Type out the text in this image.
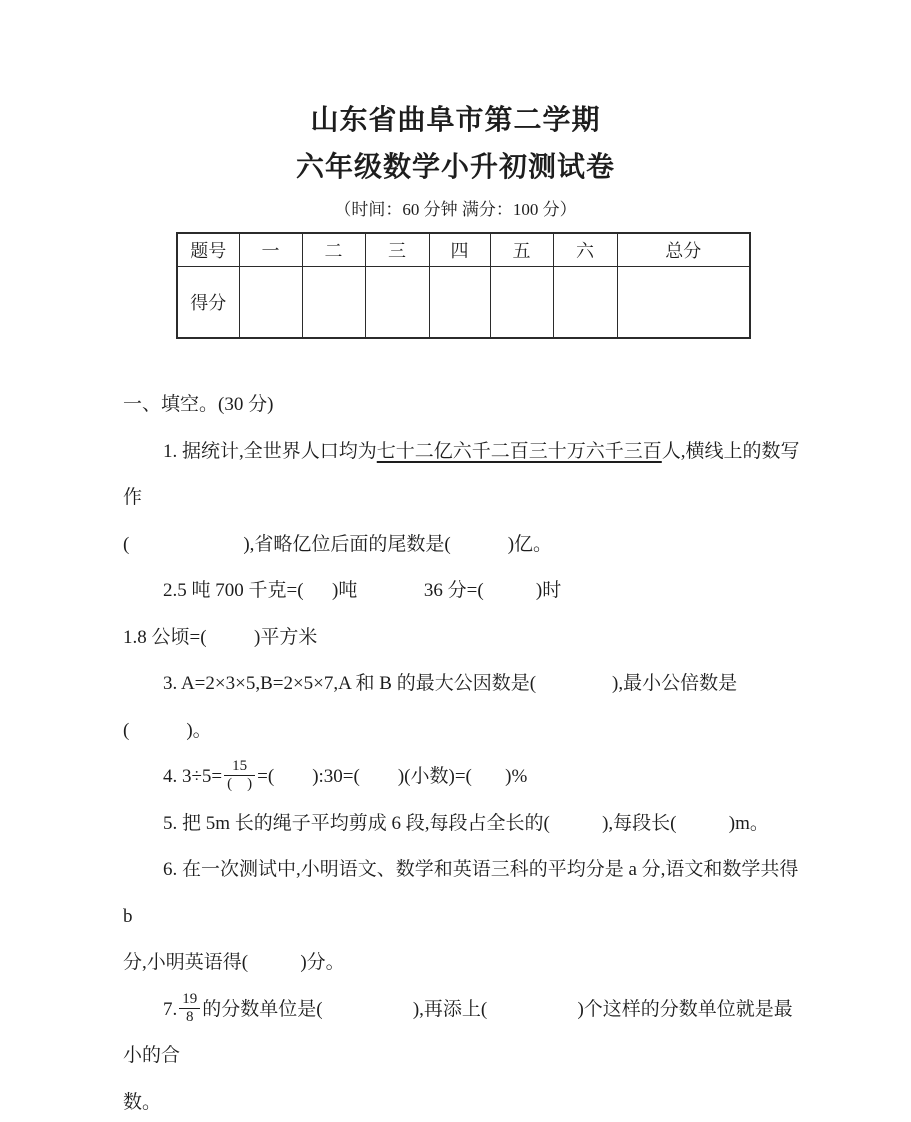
山东省曲阜市第二学期
六年级数学小升初测试卷
（时间：60 分钟 满分：100 分）
题号	一	二	三	四	五	六	总分
得分							
一、填空。(30 分)
1. 据统计,全世界人口均为七十二亿六千二百三十万六千三百人,横线上的数写作
(                        ),省略亿位后面的尾数是(            )亿。
2.5 吨 700 千克=(      )吨              36 分=(           )时
1.8 公顷=(          )平方米
3. A=2×3×5,B=2×5×7,A 和 B 的最大公因数是(                ),最小公倍数是
(            )。
4. $3\div 5= \frac{15}{( )}$ =(        ):30=(        )(小数)=(       )%
5. 把 5m 长的绳子平均剪成 6 段,每段占全长的(           ),每段长(           )m。
6. 在一次测试中,小明语文、数学和英语三科的平均分是 a 分,语文和数学共得 b
分,小明英语得(           )分。
7. $\frac{19}{8}$ 的分数单位是(                   ),再添上(                   )个这样的分数单位就是最小的合
数。
